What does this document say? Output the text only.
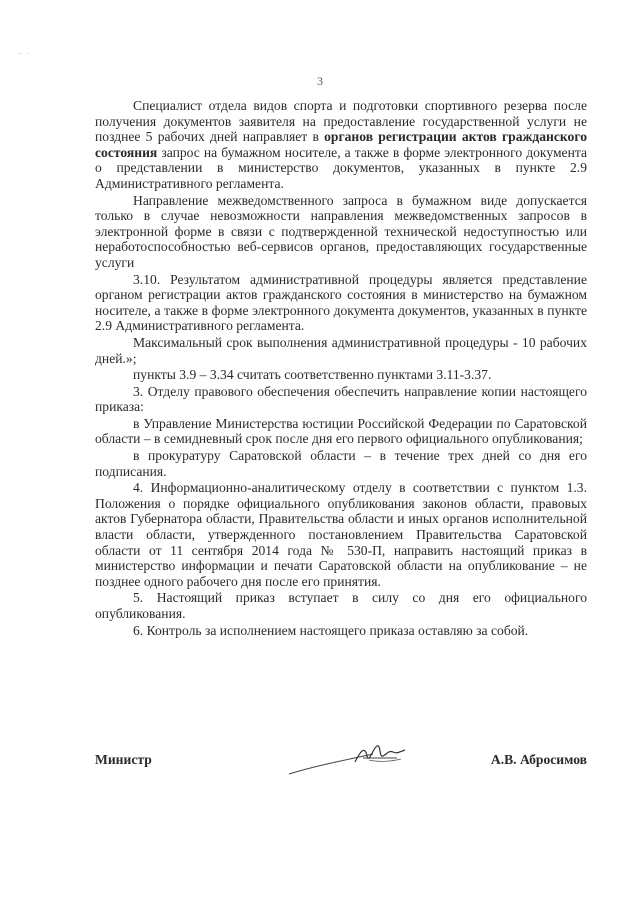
.. .
3

Специалист отдела видов спорта и подготовки спортивного резерва после получения документов заявителя на предоставление государственной услуги не позднее 5 рабочих дней направляет в органов регистрации актов гражданского состояния запрос на бумажном носителе, а также в форме электронного документа о представлении в министерство документов, указанных в пункте 2.9 Административного регламента.

Направление межведомственного запроса в бумажном виде допускается только в случае невозможности направления межведомственных запросов в электронной форме в связи с подтвержденной технической недоступностью или неработоспособностью веб-сервисов органов, предоставляющих государственные услуги

3.10. Результатом административной процедуры является представление органом регистрации актов гражданского состояния в министерство на бумажном носителе, а также в форме электронного документа документов, указанных в пункте 2.9 Административного регламента.

Максимальный срок выполнения административной процедуры - 10 рабочих дней.»;

пункты 3.9 – 3.34 считать соответственно пунктами 3.11-3.37.

3. Отделу правового обеспечения обеспечить направление копии настоящего приказа:

в Управление Министерства юстиции Российской Федерации по Саратовской области – в семидневный срок после дня его первого официального опубликования;

в прокуратуру Саратовской области – в течение трех дней со дня его подписания.

4. Информационно-аналитическому отделу в соответствии с пунктом 1.3. Положения о порядке официального опубликования законов области, правовых актов Губернатора области, Правительства области и иных органов исполнительной власти области, утвержденного постановлением Правительства Саратовской области от 11 сентября 2014 года № 530-П, направить настоящий приказ в министерство информации и печати Саратовской области на опубликование – не позднее одного рабочего дня после его принятия.

5. Настоящий приказ вступает в силу со дня его официального опубликования.

6. Контроль за исполнением настоящего приказа оставляю за собой.

Министр	А.В. Абросимов
